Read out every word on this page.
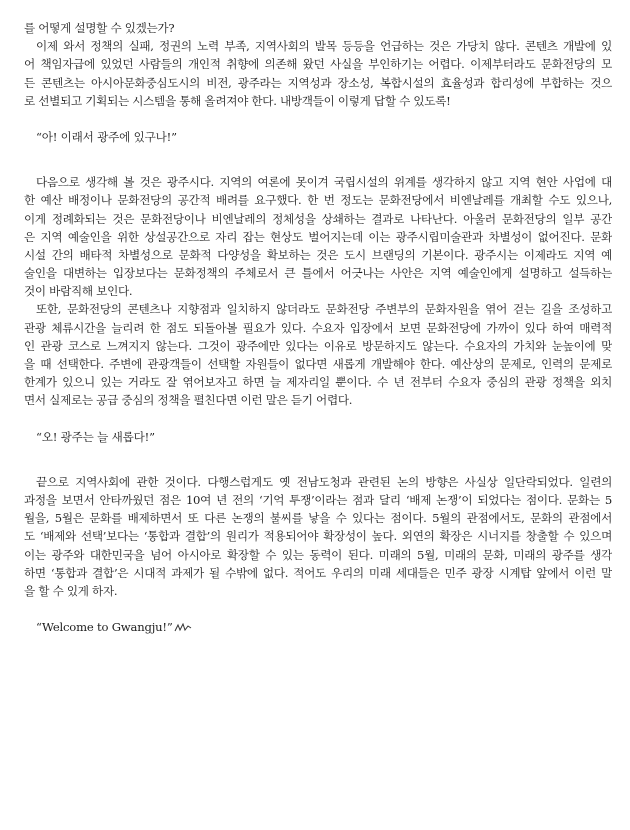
를 어떻게 설명할 수 있겠는가?
이제 와서 정책의 실패, 정권의 노력 부족, 지역사회의 발목 등등을 언급하는 것은 가당치 않다. 콘텐츠 개발에 있
어 책임자급에 있었던 사람들의 개인적 취향에 의존해 왔던 사실을 부인하기는 어렵다. 이제부터라도 문화전당의 모
든 콘텐츠는 아시아문화중심도시의 비전, 광주라는 지역성과 장소성, 복합시설의 효율성과 합리성에 부합하는 것으
로 선별되고 기획되는 시스템을 통해 올려져야 한다. 내방객들이 이렇게 답할 수 있도록!
“아! 이래서 광주에 있구나!”
다음으로 생각해 볼 것은 광주시다. 지역의 여론에 못이겨 국립시설의 위계를 생각하지 않고 지역 현안 사업에 대
한 예산 배정이나 문화전당의 공간적 배려를 요구했다. 한 번 정도는 문화전당에서 비엔날레를 개최할 수도 있으나,
이게 정례화되는 것은 문화전당이나 비엔날레의 정체성을 상쇄하는 결과로 나타난다. 아울러 문화전당의 일부 공간
은 지역 예술인을 위한 상설공간으로 자리 잡는 현상도 벌어지는데 이는 광주시립미술관과 차별성이 없어진다. 문화
시설 간의 배타적 차별성으로 문화적 다양성을 확보하는 것은 도시 브랜딩의 기본이다. 광주시는 이제라도 지역 예
술인을 대변하는 입장보다는 문화정책의 주체로서 큰 틀에서 어긋나는 사안은 지역 예술인에게 설명하고 설득하는
것이 바람직해 보인다.
또한, 문화전당의 콘텐츠나 지향점과 일치하지 않더라도 문화전당 주변부의 문화자원을 엮어 걷는 길을 조성하고
관광 체류시간을 늘리려 한 점도 되돌아볼 필요가 있다. 수요자 입장에서 보면 문화전당에 가까이 있다 하여 매력적
인 관광 코스로 느껴지지 않는다. 그것이 광주에만 있다는 이유로 방문하지도 않는다. 수요자의 가치와 눈높이에 맞
을 때 선택한다. 주변에 관광객들이 선택할 자원들이 없다면 새롭게 개발해야 한다. 예산상의 문제로, 인력의 문제로
한계가 있으니 있는 거라도 잘 엮어보자고 하면 늘 제자리일 뿐이다. 수 년 전부터 수요자 중심의 관광 정책을 외치
면서 실제로는 공급 중심의 정책을 펼친다면 이런 말은 듣기 어렵다.
“오! 광주는 늘 새롭다!”
끝으로 지역사회에 관한 것이다. 다행스럽게도 옛 전남도청과 관련된 논의 방향은 사실상 일단락되었다. 일련의
과정을 보면서 안타까웠던 점은 10여 년 전의 ‘기억 투쟁’이라는 점과 달리 ‘배제 논쟁’이 되었다는 점이다. 문화는 5
월을, 5월은 문화를 배제하면서 또 다른 논쟁의 불씨를 낳을 수 있다는 점이다. 5월의 관점에서도, 문화의 관점에서
도 ‘배제와 선택’보다는 ‘통합과 결합’의 원리가 적용되어야 확장성이 높다. 외연의 확장은 시너지를 창출할 수 있으며
이는 광주와 대한민국을 넘어 아시아로 확장할 수 있는 동력이 된다. 미래의 5월, 미래의 문화, 미래의 광주를 생각
하면 ‘통합과 결합’은 시대적 과제가 될 수밖에 없다. 적어도 우리의 미래 세대들은 민주 광장 시계탑 앞에서 이런 말
을 할 수 있게 하자.
“Welcome to Gwangju!”
